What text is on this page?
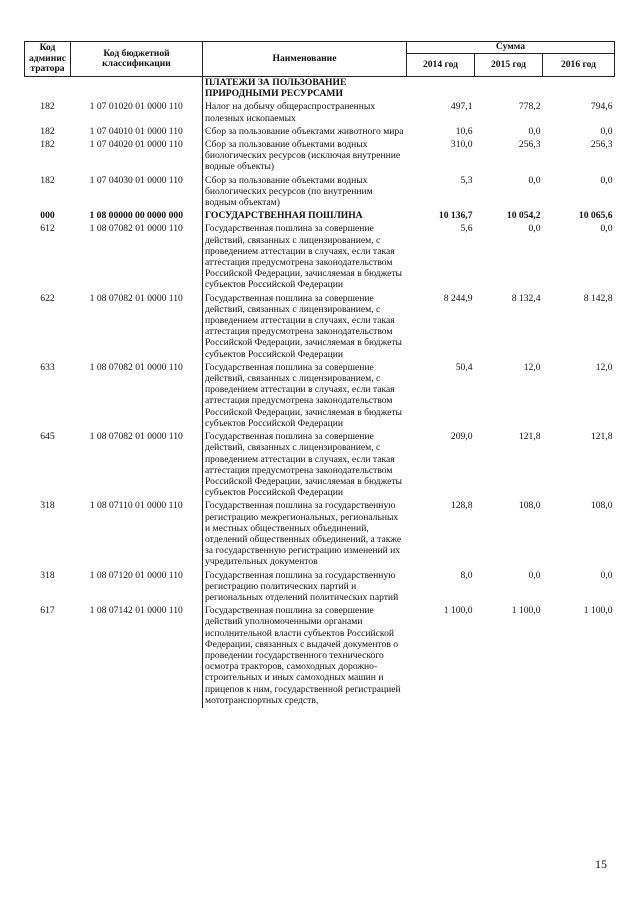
Код админис тратора	Код бюджетной классификации	Наименование	Сумма		
			2014 год	2015 год	2016 год
		ПЛАТЕЖИ ЗА ПОЛЬЗОВАНИЕ ПРИРОДНЫМИ РЕСУРСАМИ			
182	1 07 01020 01 0000 110	Налог на добычу общераспространенных полезных ископаемых	497,1	778,2	794,6
182	1 07 04010 01 0000 110	Сбор за пользование объектами животного мира	10,6	0,0	0,0
182	1 07 04020 01 0000 110	Сбор за пользование объектами водных биологических ресурсов (исключая внутренние водные объекты)	310,0	256,3	256,3
182	1 07 04030 01 0000 110	Сбор за пользование объектами водных биологических ресурсов (по внутренним водным объектам)	5,3	0,0	0,0
000	1 08 00000 00 0000 000	ГОСУДАРСТВЕННАЯ ПОШЛИНА	10 136,7	10 054,2	10 065,6
612	1 08 07082 01 0000 110	Государственная пошлина за совершение действий, связанных с лицензированием, с проведением аттестации в случаях, если такая аттестация предусмотрена законодательством Российской Федерации, зачисляемая в бюджеты субъектов Российской Федерации	5,6	0,0	0,0
622	1 08 07082 01 0000 110	Государственная пошлина за совершение действий, связанных с лицензированием, с проведением аттестации в случаях, если такая аттестация предусмотрена законодательством Российской Федерации, зачисляемая в бюджеты субъектов Российской Федерации	8 244,9	8 132,4	8 142,8
633	1 08 07082 01 0000 110	Государственная пошлина за совершение действий, связанных с лицензированием, с проведением аттестации в случаях, если такая аттестация предусмотрена законодательством Российской Федерации, зачисляемая в бюджеты субъектов Российской Федерации	50,4	12,0	12,0
645	1 08 07082 01 0000 110	Государственная пошлина за совершение действий, связанных с лицензированием, с проведением аттестации в случаях, если такая аттестация предусмотрена законодательством Российской Федерации, зачисляемая в бюджеты субъектов Российской Федерации	209,0	121,8	121,8
318	1 08 07110 01 0000 110	Государственная пошлина за государственную регистрацию межрегиональных, региональных и местных общественных объединений, отделений общественных объединений, а также за государственную регистрацию изменений их учредительных документов	128,8	108,0	108,0
318	1 08 07120 01 0000 110	Государственная пошлина за государственную регистрацию политических партий и региональных отделений политических партий	8,0	0,0	0,0
617	1 08 07142 01 0000 110	Государственная пошлина за совершение действий уполномоченными органами исполнительной власти субъектов Российской Федерации, связанных с выдачей документов о проведении государственного технического осмотра тракторов, самоходных дорожно-строительных и иных самоходных машин и прицепов к ним, государственной регистрацией мототранспортных средств,	1 100,0	1 100,0	1 100,0
15
